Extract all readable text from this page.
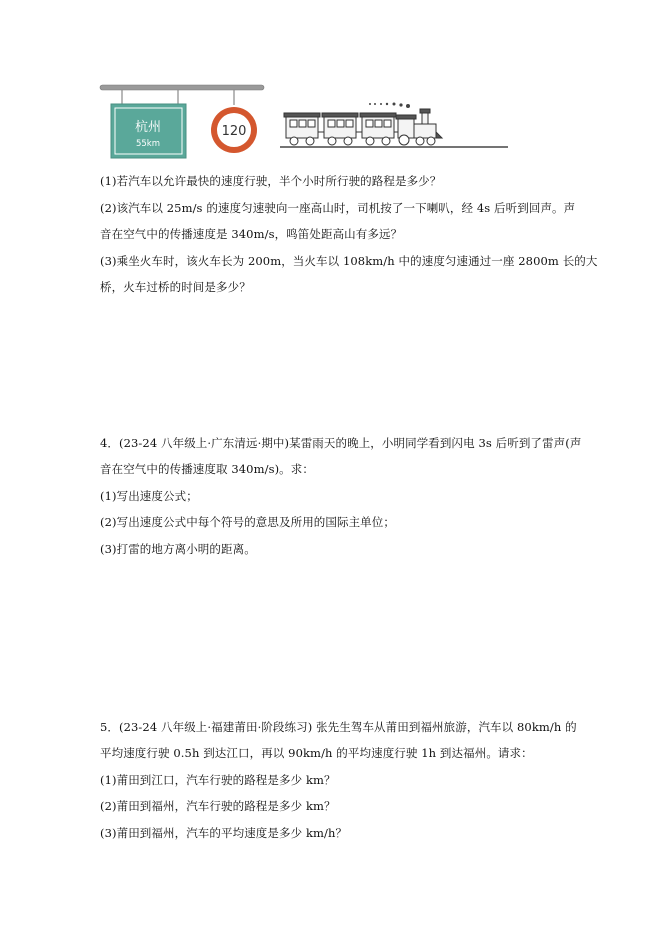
杭州
55km
120
(1)若汽车以允许最快的速度行驶，半个小时所行驶的路程是多少？
(2)该汽车以 25m/s 的速度匀速驶向一座高山时，司机按了一下喇叭，经 4s 后听到回声。声
音在空气中的传播速度是 340m/s，鸣笛处距高山有多远？
(3)乘坐火车时，该火车长为 200m，当火车以 108km/h 中的速度匀速通过一座 2800m 长的大
桥，火车过桥的时间是多少？
4．(23-24 八年级上·广东清远·期中)某雷雨天的晚上，小明同学看到闪电 3s 后听到了雷声(声
音在空气中的传播速度取 340m/s)。求：
(1)写出速度公式；
(2)写出速度公式中每个符号的意思及所用的国际主单位；
(3)打雷的地方离小明的距离。
5．(23-24 八年级上·福建莆田·阶段练习) 张先生驾车从莆田到福州旅游，汽车以 80km/h 的
平均速度行驶 0.5h 到达江口，再以 90km/h 的平均速度行驶 1h 到达福州。请求：
(1)莆田到江口，汽车行驶的路程是多少 km？
(2)莆田到福州，汽车行驶的路程是多少 km？
(3)莆田到福州，汽车的平均速度是多少 km/h？
